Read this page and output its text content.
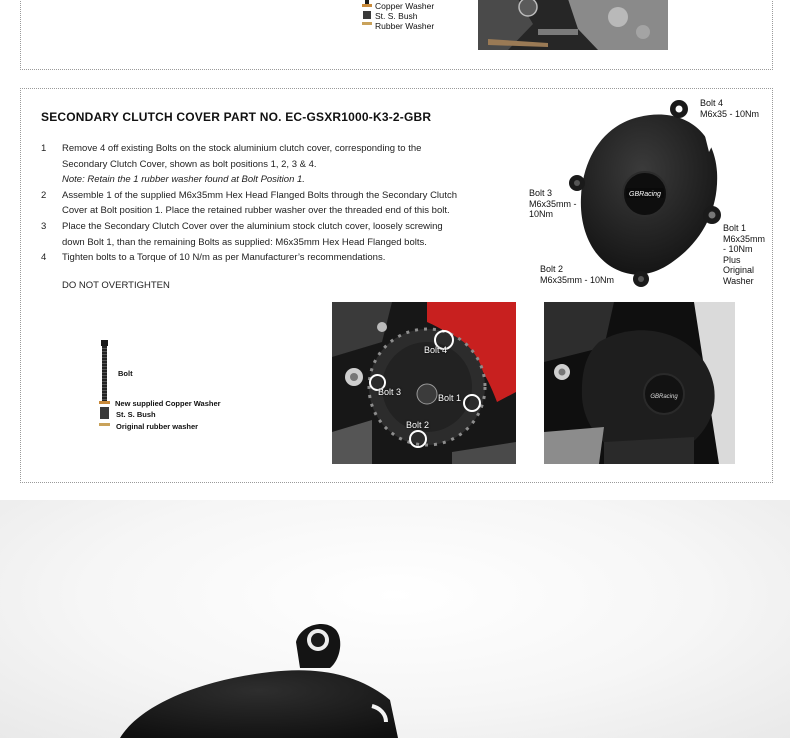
Copper Washer
St. S. Bush
Rubber Washer
SECONDARY CLUTCH COVER PART NO. EC-GSXR1000-K3-2-GBR
1	Remove 4 off existing Bolts on the stock aluminium clutch cover, corresponding to the
Secondary Clutch Cover, shown as bolt positions 1, 2, 3 & 4.
Note: Retain the 1 rubber washer found at Bolt Position 1.
2	Assemble 1 of the supplied M6x35mm Hex Head Flanged Bolts through the Secondary Clutch
Cover at Bolt position 1. Place the retained rubber washer over the threaded end of this bolt.
3	Place the Secondary Clutch Cover over the aluminium stock clutch cover, loosely screwing
down Bolt 1, than the remaining Bolts as supplied: M6x35mm Hex Head Flanged bolts.
4	Tighten bolts to a Torque of 10 N/m as per Manufacturer’s recommendations.
DO NOT OVERTIGHTEN
GBRacing
Bolt 4
M6x35 - 10Nm
Bolt 3
M6x35mm -
10Nm
Bolt 2
M6x35mm - 10Nm
Bolt 1
M6x35mm
- 10Nm
Plus
Original
Washer
Bolt
New supplied Copper Washer
St. S. Bush
Original rubber washer
Bolt 4
Bolt 3
Bolt 1
Bolt 2
GBRacing
